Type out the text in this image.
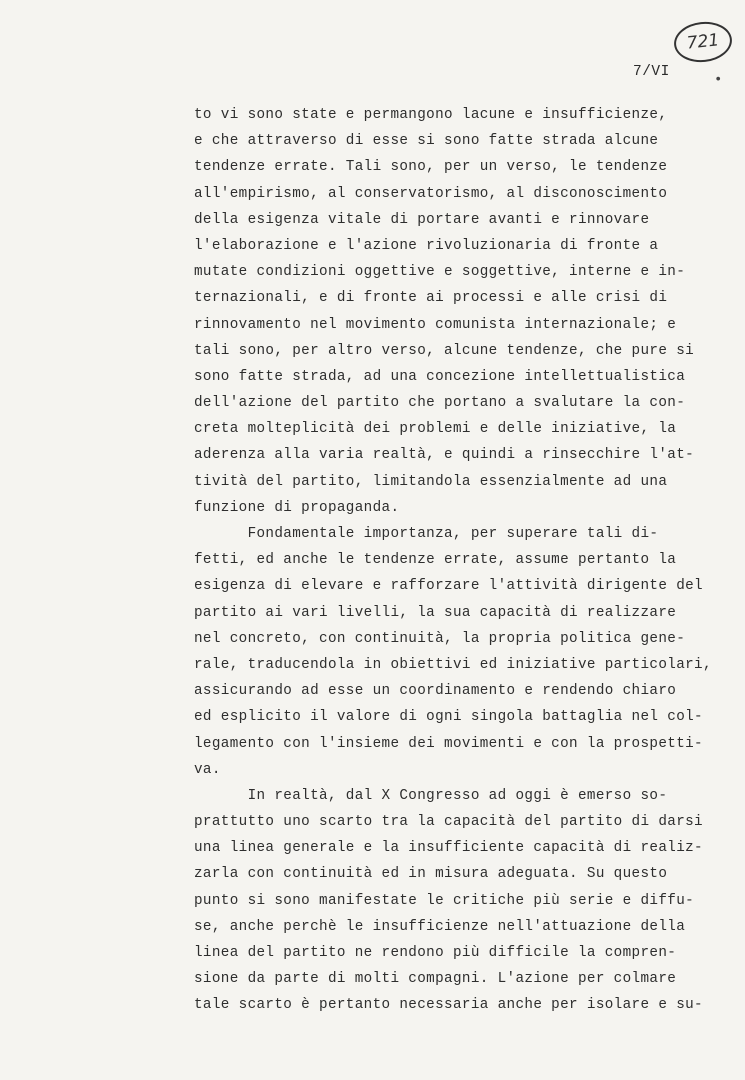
721
7/VI	•
to vi sono state e permangono lacune e insufficienze,
e che attraverso di esse si sono fatte strada alcune
tendenze errate. Tali sono, per un verso, le tendenze
all'empirismo, al conservatorismo, al disconoscimento
della esigenza vitale di portare avanti e rinnovare
l'elaborazione e l'azione rivoluzionaria di fronte a
mutate condizioni oggettive e soggettive, interne e in-
ternazionali, e di fronte ai processi e alle crisi di
rinnovamento nel movimento comunista internazionale; e
tali sono, per altro verso, alcune tendenze, che pure si
sono fatte strada, ad una concezione intellettualistica
dell'azione del partito che portano a svalutare la con-
creta molteplicità dei problemi e delle iniziative, la
aderenza alla varia realtà, e quindi a rinsecchire l'at-
tività del partito, limitandola essenzialmente ad una
funzione di propaganda.
Fondamentale importanza, per superare tali di-
fetti, ed anche le tendenze errate, assume pertanto la
esigenza di elevare e rafforzare l'attività dirigente del
partito ai vari livelli, la sua capacità di realizzare
nel concreto, con continuità, la propria politica gene-
rale, traducendola in obiettivi ed iniziative particolari,
assicurando ad esse un coordinamento e rendendo chiaro
ed esplicito il valore di ogni singola battaglia nel col-
legamento con l'insieme dei movimenti e con la prospetti-
va.
In realtà, dal X Congresso ad oggi è emerso so-
prattutto uno scarto tra la capacità del partito di darsi
una linea generale e la insufficiente capacità di realiz-
zarla con continuità ed in misura adeguata. Su questo
punto si sono manifestate le critiche più serie e diffu-
se, anche perchè le insufficienze nell'attuazione della
linea del partito ne rendono più difficile la compren-
sione da parte di molti compagni. L'azione per colmare
tale scarto è pertanto necessaria anche per isolare e su-
